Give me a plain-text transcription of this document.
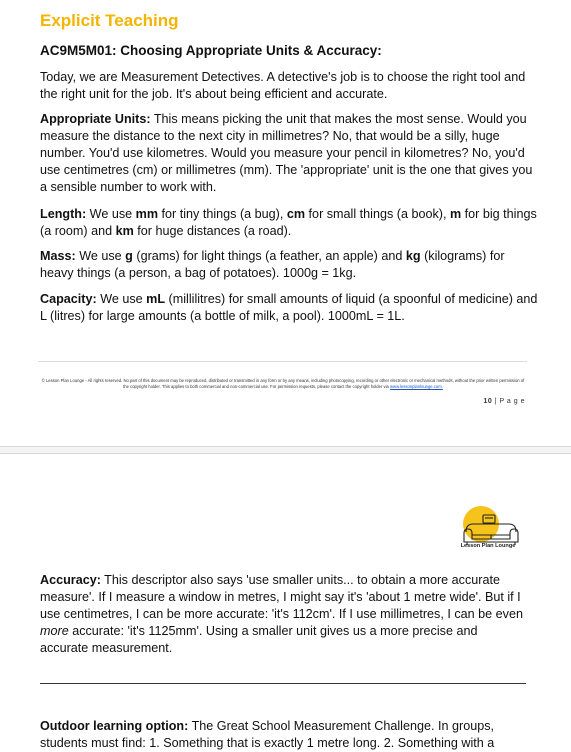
Explicit Teaching
AC9M5M01: Choosing Appropriate Units & Accuracy:

Today, we are Measurement Detectives. A detective's job is to choose the right tool and the right unit for the job. It's about being efficient and accurate.

Appropriate Units: This means picking the unit that makes the most sense. Would you measure the distance to the next city in millimetres? No, that would be a silly, huge number. You'd use kilometres. Would you measure your pencil in kilometres? No, you'd use centimetres (cm) or millimetres (mm). The 'appropriate' unit is the one that gives you a sensible number to work with.

Length: We use mm for tiny things (a bug), cm for small things (a book), m for big things (a room) and km for huge distances (a road).

Mass: We use g (grams) for light things (a feather, an apple) and kg (kilograms) for heavy things (a person, a bag of potatoes). 1000g = 1kg.

Capacity: We use mL (millilitres) for small amounts of liquid (a spoonful of medicine) and L (litres) for large amounts (a bottle of milk, a pool). 1000mL = 1L.

© Lesson Plan Lounge - All rights reserved. No part of this document may be reproduced, distributed or transmitted in any form or by any means, including photocopying, recording or other electronic or mechanical methods, without the prior written permission of the copyright holder. This applies to both commercial and non-commercial use. For permission requests, please contact the copyright holder via www.lessonplanlounge.com.
10 | P a g e
Lesson Plan Lounge

Accuracy: This descriptor also says 'use smaller units... to obtain a more accurate measure'. If I measure a window in metres, I might say it's 'about 1 metre wide'. But if I use centimetres, I can be more accurate: 'it's 112cm'. If I use millimetres, I can be even more accurate: 'it's 1125mm'. Using a smaller unit gives us a more precise and accurate measurement.

Outdoor learning option: The Great School Measurement Challenge. In groups, students must find: 1. Something that is exactly 1 metre long. 2. Something with a
